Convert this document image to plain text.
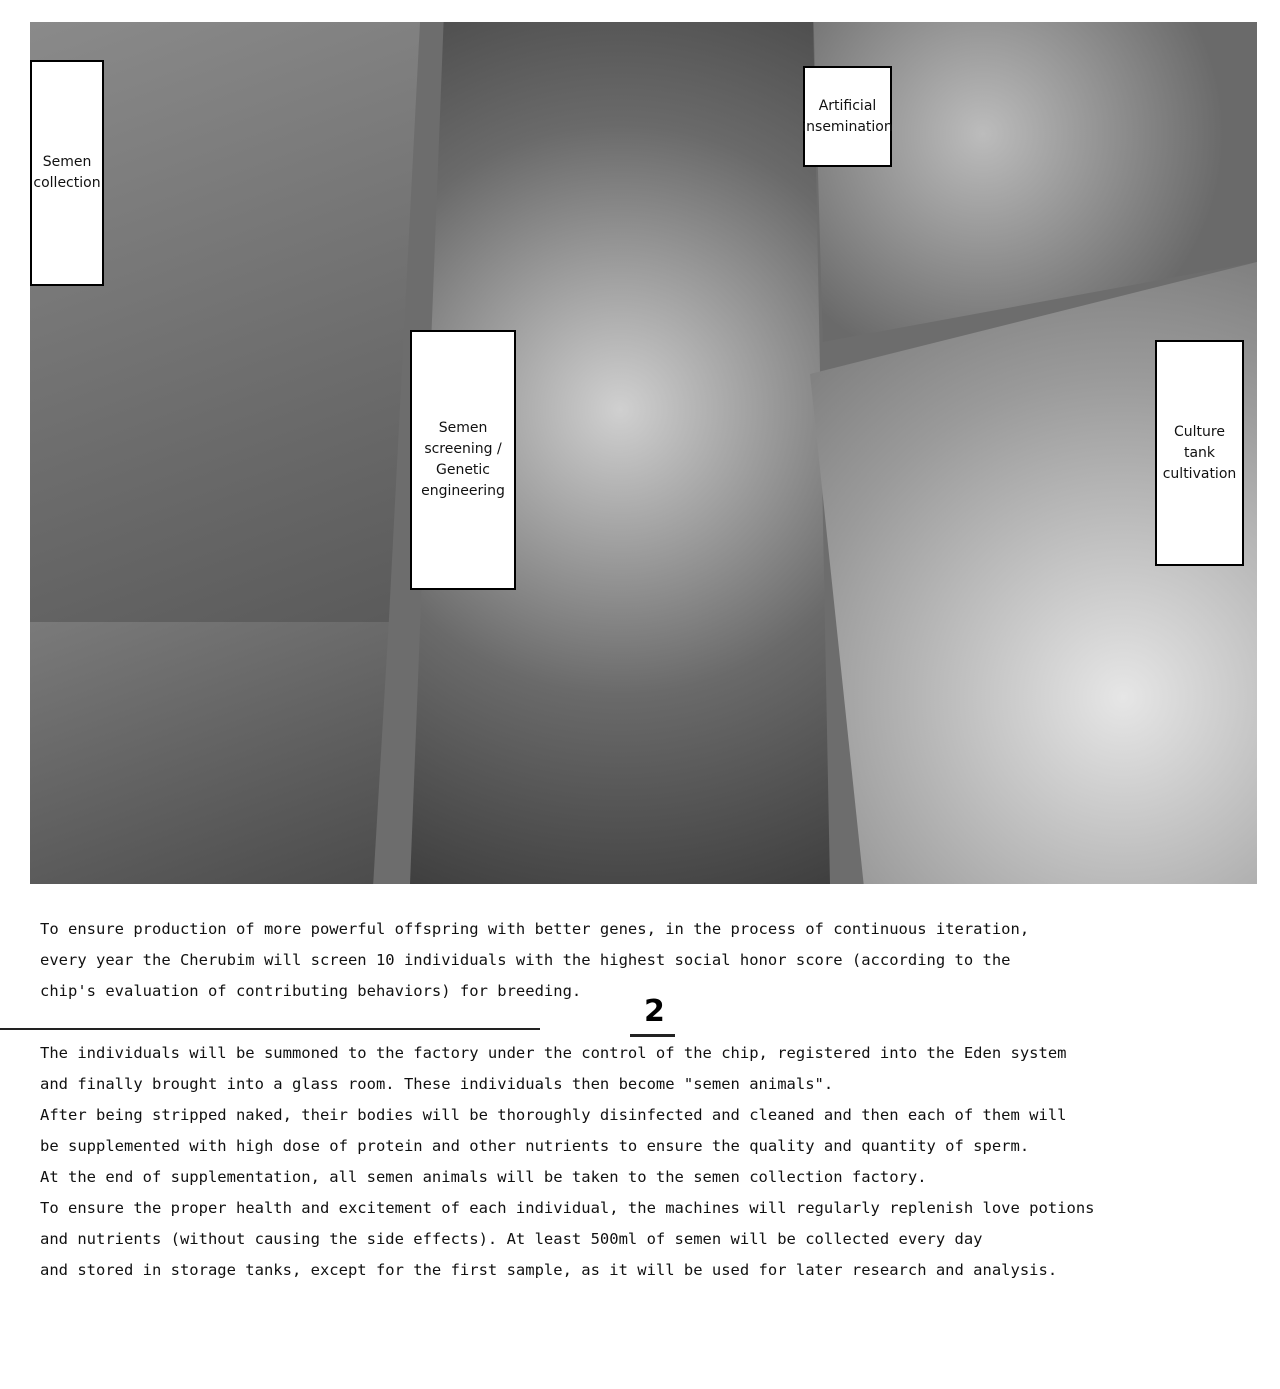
Semen collection
Artificial insemination
Semen screening / Genetic engineering
Culture tank cultivation
To ensure production of more powerful offspring with better genes, in the process of continuous iteration,
every year the Cherubim will screen 10 individuals with the highest social honor score (according to the
chip's evaluation of contributing behaviors) for breeding.
The individuals will be summoned to the factory under the control of the chip, registered into the Eden system
and finally brought into a glass room. These individuals then become "semen animals".
After being stripped naked, their bodies will be thoroughly disinfected and cleaned and then each of them will
be supplemented with high dose of protein and other nutrients to ensure the quality and quantity of sperm.
At the end of supplementation, all semen animals will be taken to the semen collection factory.
To ensure the proper health and excitement of each individual, the machines will regularly replenish love potions
and nutrients (without causing the side effects). At least 500ml of semen will be collected every day
and stored in storage tanks, except for the first sample, as it will be used for later research and analysis.
2
